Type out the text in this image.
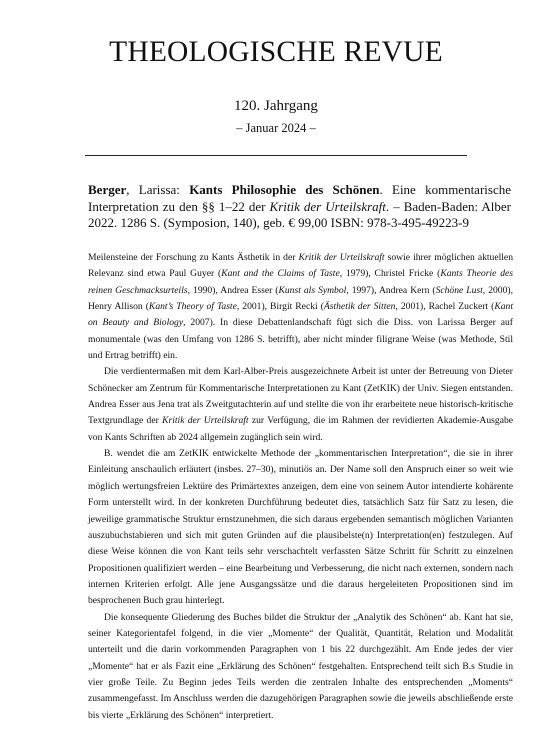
THEOLOGISCHE REVUE
120. Jahrgang
– Januar 2024 –
Berger, Larissa: Kants Philosophie des Schönen. Eine kommentarische Interpretation zu den §§ 1–22 der Kritik der Urteilskraft. – Baden-Baden: Alber 2022. 1286 S. (Symposion, 140), geb. € 99,00 ISBN: 978-3-495-49223-9

Meilensteine der Forschung zu Kants Ästhetik in der Kritik der Urteilskraft sowie ihrer möglichen aktuellen Relevanz sind etwa Paul Guyer (Kant and the Claims of Taste, 1979), Christel Fricke (Kants Theorie des reinen Geschmacksurteils, 1990), Andrea Esser (Kunst als Symbol, 1997), Andrea Kern (Schöne Lust, 2000), Henry Allison (Kant’s Theory of Taste, 2001), Birgit Recki (Ästhetik der Sitten, 2001), Rachel Zuckert (Kant on Beauty and Biology, 2007). In diese Debattenlandschaft fügt sich die Diss. von Larissa Berger auf monumentale (was den Umfang von 1286 S. betrifft), aber nicht minder filigrane Weise (was Methode, Stil und Ertrag betrifft) ein.

Die verdientermaßen mit dem Karl-Alber-Preis ausgezeichnete Arbeit ist unter der Betreuung von Dieter Schönecker am Zentrum für Kommentarische Interpretationen zu Kant (ZetKIK) der Univ. Siegen entstanden. Andrea Esser aus Jena trat als Zweitgutachterin auf und stellte die von ihr erarbeitete neue historisch-kritische Textgrundlage der Kritik der Urteilskraft zur Verfügung, die im Rahmen der revidierten Akademie-Ausgabe von Kants Schriften ab 2024 allgemein zugänglich sein wird.

B. wendet die am ZetKIK entwickelte Methode der „kommentarischen Interpretation“, die sie in ihrer Einleitung anschaulich erläutert (insbes. 27–30), minutiös an. Der Name soll den Anspruch einer so weit wie möglich wertungsfreien Lektüre des Primärtextes anzeigen, dem eine von seinem Autor intendierte kohärente Form unterstellt wird. In der konkreten Durchführung bedeutet dies, tatsächlich Satz für Satz zu lesen, die jeweilige grammatische Struktur ernstzunehmen, die sich daraus ergebenden semantisch möglichen Varianten auszubuchstabieren und sich mit guten Gründen auf die plausibelste(n) Interpretation(en) festzulegen. Auf diese Weise können die von Kant teils sehr verschachtelt verfassten Sätze Schritt für Schritt zu einzelnen Propositionen qualifiziert werden – eine Bearbeitung und Verbesserung, die nicht nach externen, sondern nach internen Kriterien erfolgt. Alle jene Ausgangssätze und die daraus hergeleiteten Propositionen sind im besprochenen Buch grau hinterlegt.

Die konsequente Gliederung des Buches bildet die Struktur der „Analytik des Schönen“ ab. Kant hat sie, seiner Kategorientafel folgend, in die vier „Momente“ der Qualität, Quantität, Relation und Modalität unterteilt und die darin vorkommenden Paragraphen von 1 bis 22 durchgezählt. Am Ende jedes der vier „Momente“ hat er als Fazit eine „Erklärung des Schönen“ festgehalten. Entsprechend teilt sich B.s Studie in vier große Teile. Zu Beginn jedes Teils werden die zentralen Inhalte des entsprechenden „Moments“ zusammengefasst. Im Anschluss werden die dazugehörigen Paragraphen sowie die jeweils abschließende erste bis vierte „Erklärung des Schönen“ interpretiert.
